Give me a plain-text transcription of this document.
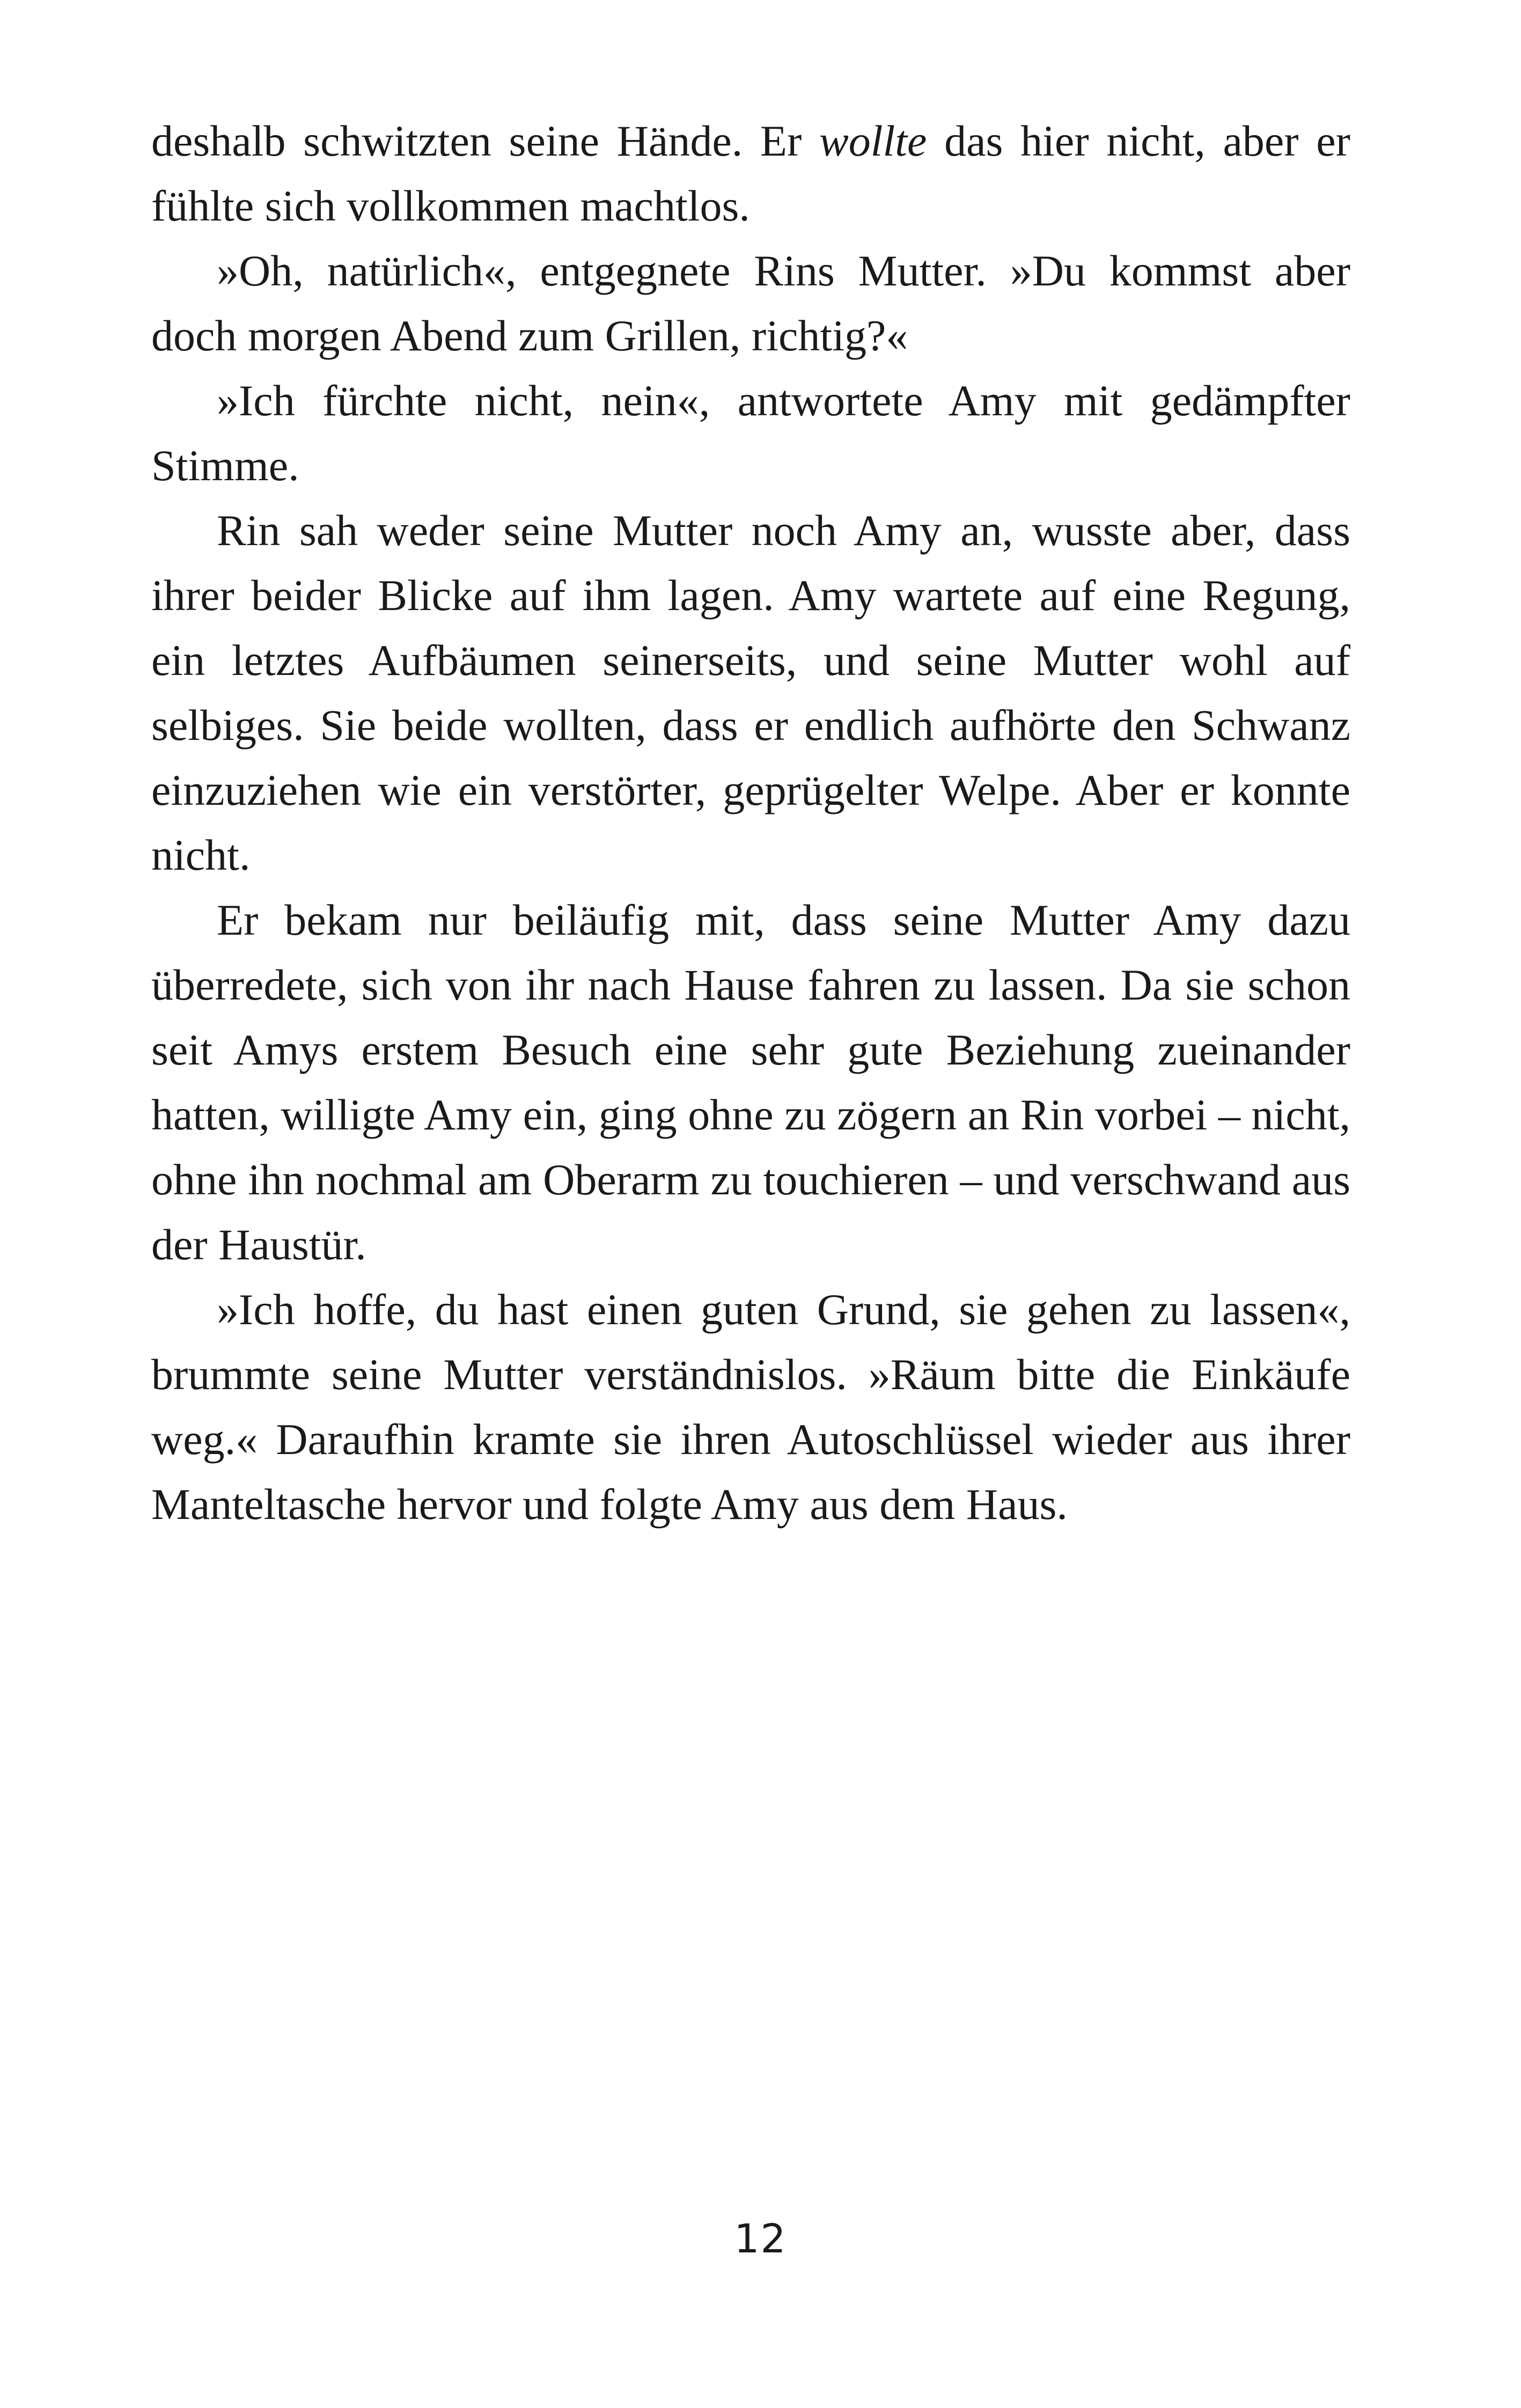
deshalb schwitzten seine Hände. Er wollte das hier nicht, aber er fühlte sich vollkommen machtlos.

»Oh, natürlich«, entgegnete Rins Mutter. »Du kommst aber doch morgen Abend zum Grillen, richtig?«

»Ich fürchte nicht, nein«, antwortete Amy mit gedämpfter Stimme.

Rin sah weder seine Mutter noch Amy an, wusste aber, dass ihrer beider Blicke auf ihm lagen. Amy wartete auf eine Regung, ein letztes Aufbäumen seinerseits, und seine Mutter wohl auf selbiges. Sie beide wollten, dass er endlich aufhörte den Schwanz einzuziehen wie ein verstörter, geprügelter Welpe. Aber er konnte nicht.

Er bekam nur beiläufig mit, dass seine Mutter Amy dazu überredete, sich von ihr nach Hause fahren zu lassen. Da sie schon seit Amys erstem Besuch eine sehr gute Beziehung zueinander hatten, willigte Amy ein, ging ohne zu zögern an Rin vorbei – nicht, ohne ihn nochmal am Oberarm zu touchieren – und verschwand aus der Haustür.

»Ich hoffe, du hast einen guten Grund, sie gehen zu lassen«, brummte seine Mutter verständnislos. »Räum bitte die Einkäufe weg.« Daraufhin kramte sie ihren Autoschlüssel wieder aus ihrer Manteltasche hervor und folgte Amy aus dem Haus.

12
